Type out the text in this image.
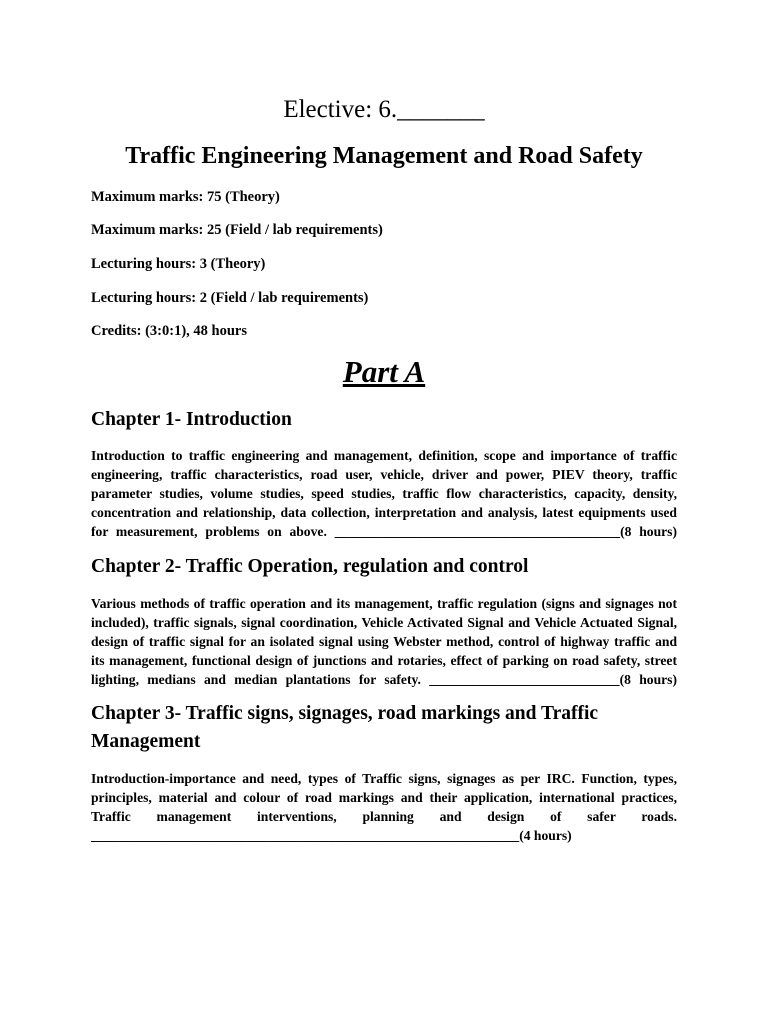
Elective: 6._______
Traffic Engineering Management and Road Safety
Maximum marks: 75 (Theory)
Maximum marks: 25 (Field / lab requirements)
Lecturing hours: 3 (Theory)
Lecturing hours: 2 (Field / lab requirements)
Credits: (3:0:1), 48 hours
Part A
Chapter 1- Introduction
Introduction to traffic engineering and management, definition, scope and importance of traffic
engineering, traffic characteristics, road user, vehicle, driver and power, PIEV theory, traffic
parameter studies, volume studies, speed studies, traffic flow characteristics, capacity, density,
concentration and relationship, data collection, interpretation and analysis, latest equipments used
for measurement, problems on above. __________________________________________(8 hours)
Chapter 2- Traffic Operation, regulation and control
Various methods of traffic operation and its management, traffic regulation (signs and signages not
included), traffic signals, signal coordination, Vehicle Activated Signal and Vehicle Actuated Signal,
design of traffic signal for an isolated signal using Webster method, control of highway traffic and
its management, functional design of junctions and rotaries, effect of parking on road safety, street
lighting, medians and median plantations for safety. ____________________________(8 hours)
Chapter 3- Traffic signs, signages, road markings and Traffic
Management
Introduction-importance and need, types of Traffic signs, signages as per IRC. Function, types,
principles, material and colour of road markings and their application, international practices,
Traffic management interventions, planning and design of safer roads.
_______________________________________________________________(4 hours)
